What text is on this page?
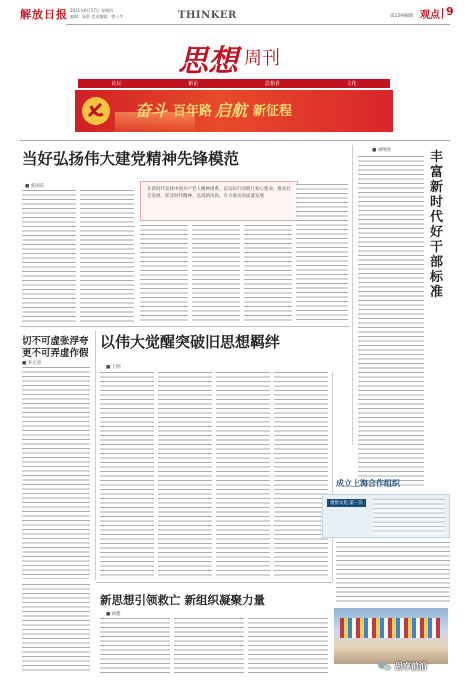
解放日报 2021年6月17日 星期四
编辑：朱珉 美术编辑：曾子芊	THINKER	第22998期 观点 9
思想 周刊
论坛	新论	思想者	文化
奋斗 百年路 启航 新征程
当好弘扬伟大建党精神先锋模范
■ 张国庆
在新时代发扬中国共产党人精神谱系，以实际行动践行初心使命，推动社会发展，彰显时代精神，弘扬新风尚，有力推动高质量发展
■ 刘纯亮	丰富新时代好干部标准
切不可虚张浮夸
更不可弄虚作假
■ 李元涛
以伟大觉醒突破旧思想羁绊
■ 王明
成立上海合作组织
观察文化·第一次
新思想引领救亡 新组织凝聚力量
■ 孙建
思享前沿
